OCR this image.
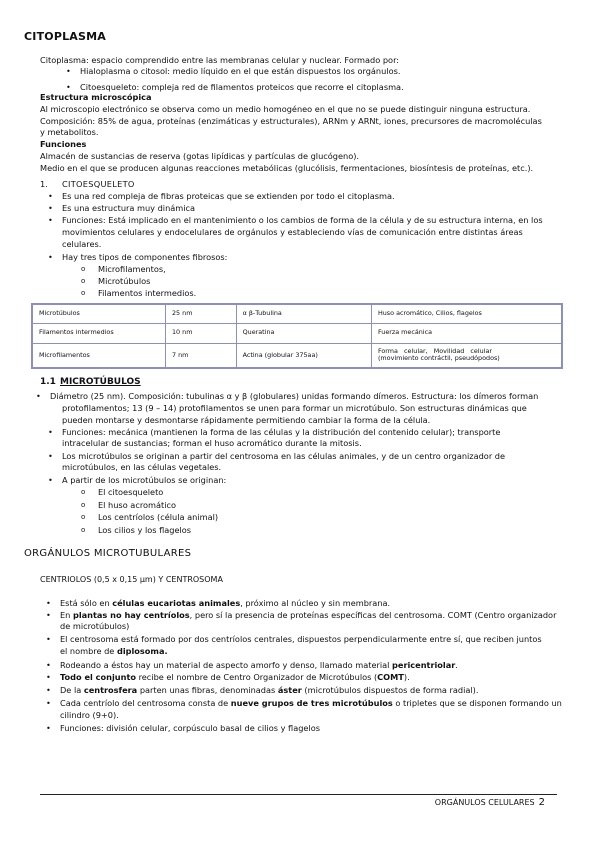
CITOPLASMA
Citoplasma: espacio comprendido entre las membranas celular y nuclear. Formado por:
• Hialoplasma o citosol: medio líquido en el que están dispuestos los orgánulos.
• Citoesqueleto: compleja red de filamentos proteicos que recorre el citoplasma.
Estructura microscópica
Al microscopio electrónico se observa como un medio homogéneo en el que no se puede distinguir ninguna estructura.
Composición: 85% de agua, proteínas (enzimáticas y estructurales), ARNm y ARNt, iones, precursores de macromoléculas
y metabolitos.
Funciones
Almacén de sustancias de reserva (gotas lipídicas y partículas de glucógeno).
Medio en el que se producen algunas reacciones metabólicas (glucólisis, fermentaciones, biosíntesis de proteínas, etc.).
1. CITOESQUELETO
• Es una red compleja de fibras proteicas que se extienden por todo el citoplasma.
• Es una estructura muy dinámica
• Funciones: Está implicado en el mantenimiento o los cambios de forma de la célula y de su estructura interna, en los
movimientos celulares y endocelulares de orgánulos y estableciendo vías de comunicación entre distintas áreas
celulares.
• Hay tres tipos de componentes fibrosos:
o Microfilamentos,
o Microtúbulos
o Filamentos intermedios.
Microtúbulos	25 nm	α β-Tubulina	Huso acromático, Cilios, flagelos
Filamentos intermedios	10 nm	Queratina	Fuerza mecánica
Microfilamentos	7 nm	Actina (globular 375aa)	Forma   celular,   Movilidad   celular
(movimiento contráctil, pseudópodos)
1.1 MICROTÚBULOS
• Diámetro (25 nm). Composición: tubulinas α y β (globulares) unidas formando dímeros. Estructura: los dímeros forman
protofilamentos; 13 (9 – 14) protofilamentos se unen para formar un microtúbulo. Son estructuras dinámicas que
pueden montarse y desmontarse rápidamente permitiendo cambiar la forma de la célula.
• Funciones: mecánica (mantienen la forma de las células y la distribución del contenido celular); transporte
intracelular de sustancias; forman el huso acromático durante la mitosis.
• Los microtúbulos se originan a partir del centrosoma en las células animales, y de un centro organizador de
microtúbulos, en las células vegetales.
• A partir de los microtúbulos se originan:
o El citoesqueleto
o El huso acromático
o Los centríolos (célula animal)
o Los cilios y los flagelos
ORGÁNULOS MICROTUBULARES
CENTRIOLOS (0,5 x 0,15 μm) Y CENTROSOMA
• Está sólo en células eucariotas animales, próximo al núcleo y sin membrana.
• En plantas no hay centríolos, pero sí la presencia de proteínas específicas del centrosoma. COMT (Centro organizador
de microtúbulos)
• El centrosoma está formado por dos centríolos centrales, dispuestos perpendicularmente entre sí, que reciben juntos
el nombre de diplosoma.
• Rodeando a éstos hay un material de aspecto amorfo y denso, llamado material pericentriolar.
• Todo el conjunto recibe el nombre de Centro Organizador de Microtúbulos (COMT).
• De la centrosfera parten unas fibras, denominadas áster (microtúbulos dispuestos de forma radial).
• Cada centríolo del centrosoma consta de nueve grupos de tres microtúbulos o tripletes que se disponen formando un
cilindro (9+0).
• Funciones: división celular, corpúsculo basal de cilios y flagelos
ORGÁNULOS CELULARES 2
